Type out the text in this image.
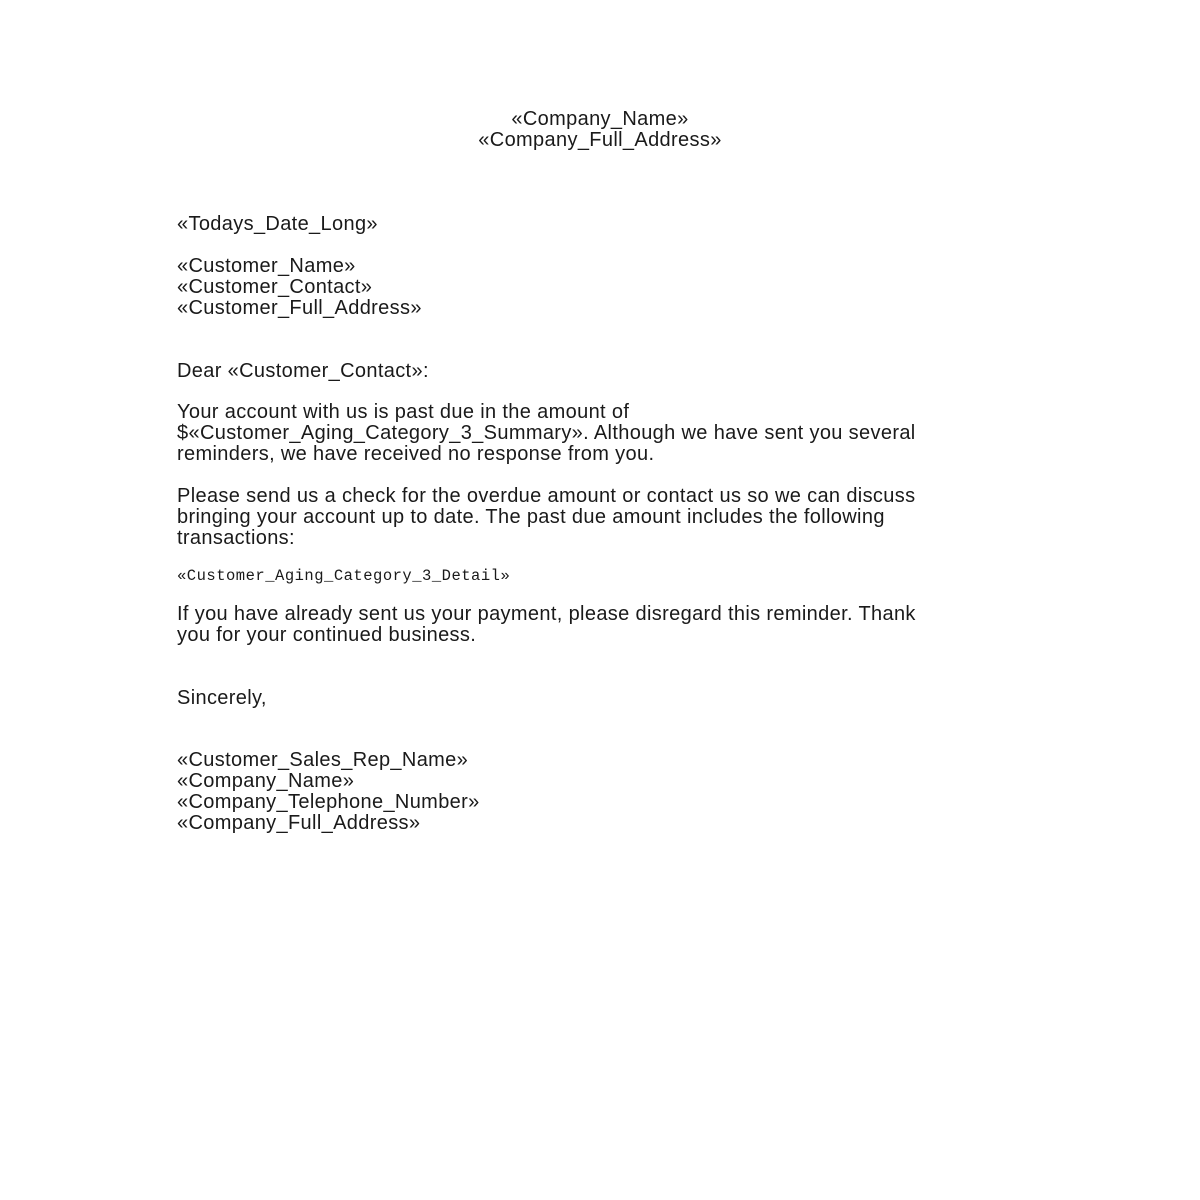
«Company_Name»
«Company_Full_Address»
«Todays_Date_Long»
«Customer_Name»
«Customer_Contact»
«Customer_Full_Address»
Dear «Customer_Contact»:
Your account with us is past due in the amount of
$«Customer_Aging_Category_3_Summary». Although we have sent you several
reminders, we have received no response from you.
Please send us a check for the overdue amount or contact us so we can discuss
bringing your account up to date. The past due amount includes the following
transactions:
«Customer_Aging_Category_3_Detail»
If you have already sent us your payment, please disregard this reminder. Thank
you for your continued business.
Sincerely,
«Customer_Sales_Rep_Name»
«Company_Name»
«Company_Telephone_Number»
«Company_Full_Address»
